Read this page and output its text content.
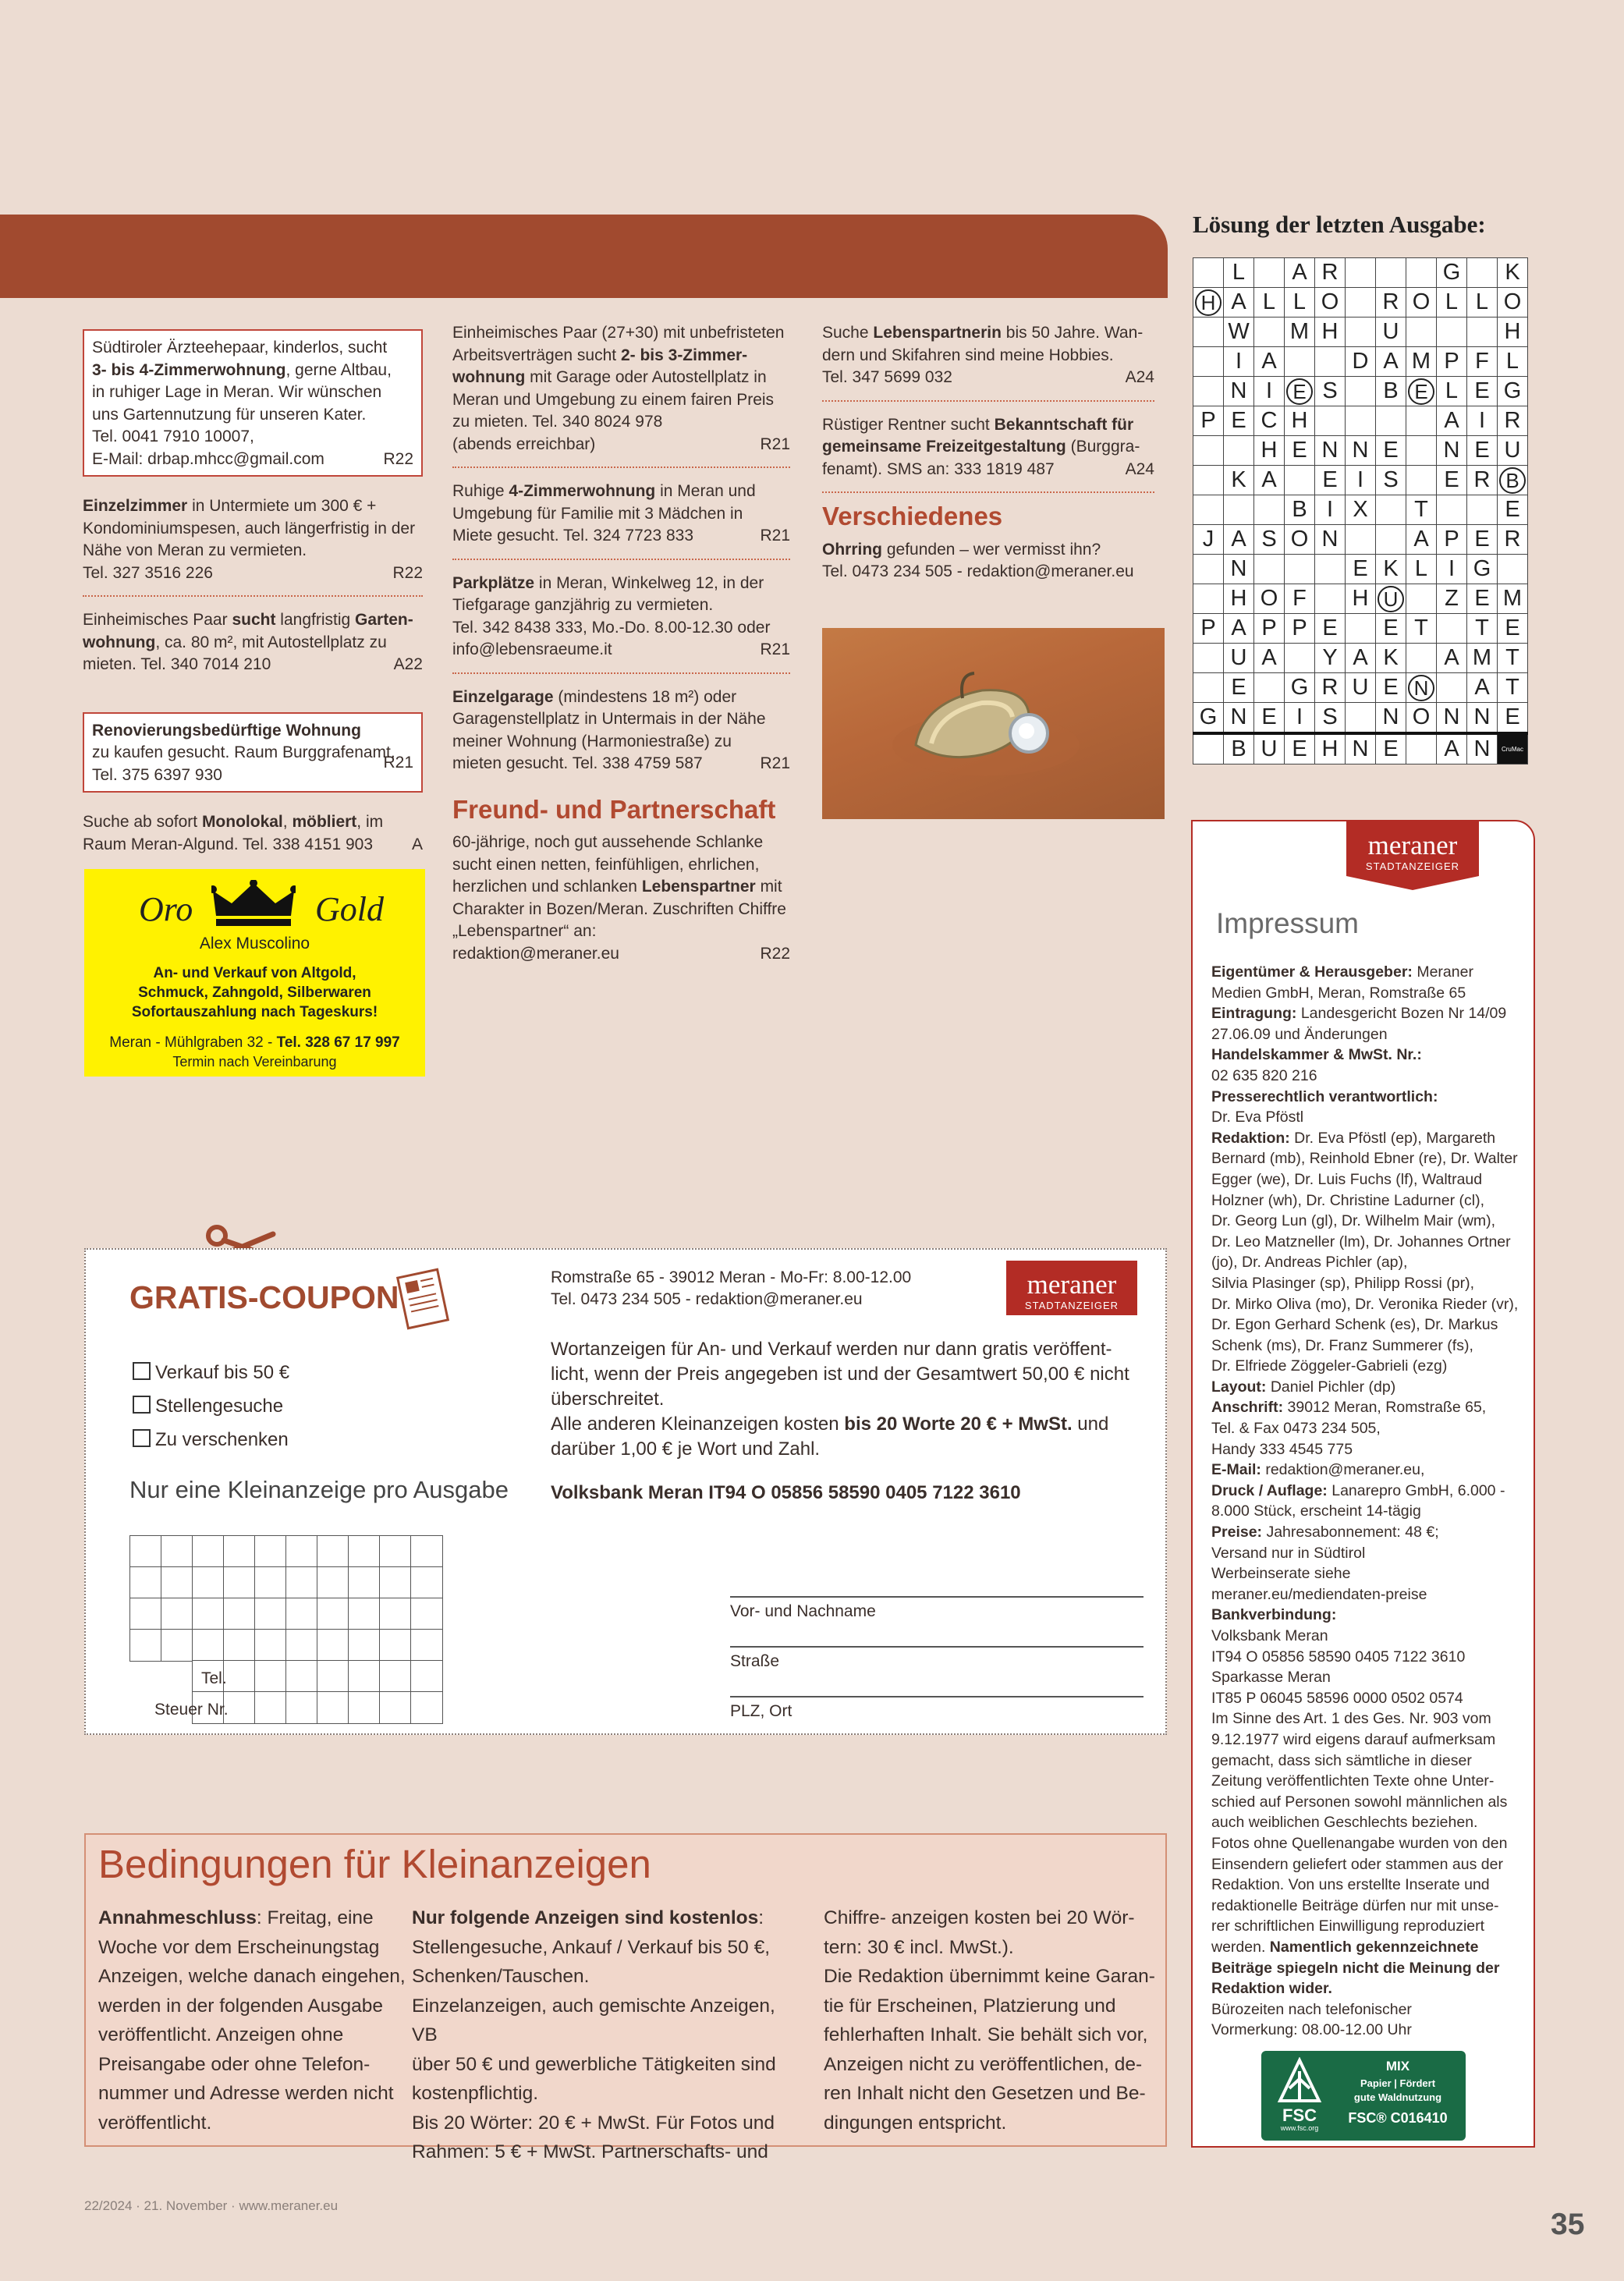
Südtiroler Ärzteehepaar, kinderlos, sucht

3- bis 4-Zimmerwohnung, gerne Altbau,

in ruhiger Lage in Meran. Wir wünschen

uns Gartennutzung für unseren Kater.

Tel. 0041 7910 10007,

E-Mail: drbap.mhcc@gmail.com	R22

Einzelzimmer in Untermiete um 300 € +

Kondominiumspesen, auch längerfristig in der

Nähe von Meran zu vermieten.

Tel. 327 3516 226	R22

Einheimisches Paar sucht langfristig Garten-

wohnung, ca. 80 m², mit Autostellplatz zu

mieten. Tel. 340 7014 210	A22

Renovierungsbedürftige Wohnung

zu kaufen gesucht. Raum Burggrafenamt.

Tel. 375 6397 930

R21

Suche ab sofort Monolokal, möbliert, im

Raum Meran-Algund. Tel. 338 4151 903	A
Oro	Gold
Alex Muscolino
An- und Verkauf von Altgold,
Schmuck, Zahngold, Silberwaren
Sofortauszahlung nach Tageskurs!
Meran - Mühlgraben 32 - Tel. 328 67 17 997
Termin nach Vereinbarung

Einheimisches Paar (27+30) mit unbefristeten

Arbeitsverträgen sucht 2- bis 3-Zimmer-

wohnung mit Garage oder Autostellplatz in

Meran und Umgebung zu einem fairen Preis

zu mieten. Tel. 340 8024 978

(abends erreichbar)	R21

Ruhige 4-Zimmerwohnung in Meran und

Umgebung für Familie mit 3 Mädchen in

Miete gesucht. Tel. 324 7723 833	R21

Parkplätze in Meran, Winkelweg 12, in der

Tiefgarage ganzjährig zu vermieten.

Tel. 342 8438 333, Mo.-Do. 8.00-12.30 oder

info@lebensraeume.it	R21

Einzelgarage (mindestens 18 m²) oder

Garagenstellplatz in Untermais in der Nähe

meiner Wohnung (Harmoniestraße) zu

mieten gesucht. Tel. 338 4759 587	R21
Freund- und Partnerschaft

60-jährige, noch gut aussehende Schlanke

sucht einen netten, feinfühligen, ehrlichen,

herzlichen und schlanken Lebenspartner mit

Charakter in Bozen/Meran. Zuschriften Chiffre

„Lebenspartner“ an:

redaktion@meraner.eu	R22

Suche Lebenspartnerin bis 50 Jahre. Wan-

dern und Skifahren sind meine Hobbies.

Tel. 347 5699 032	A24

Rüstiger Rentner sucht Bekanntschaft für

gemeinsame Freizeitgestaltung (Burggra-

fenamt). SMS an: 333 1819 487	A24
Verschiedenes

Ohrring gefunden – wer vermisst ihn?

Tel. 0473 234 505 - redaktion@meraner.eu

Lösung der letzten Ausgabe:
	L		A	R				G		K
H	A	L	L	O		R	O	L	L	O
	W		M	H		U				H
	I	A			D	A	M	P	F	L
	N	I	E	S		B	E	L	E	G
P	E	C	H					A	I	R
		H	E	N	N	E		N	E	U
	K	A		E	I	S		E	R	B
			B	I	X		T			E
J	A	S	O	N			A	P	E	R
	N				E	K	L	I	G	
	H	O	F		H	U		Z	E	M
P	A	P	P	E		E	T		T	E
	U	A		Y	A	K		A	M	T
	E		G	R	U	E	N		A	T
G	N	E	I	S		N	O	N	N	E
	B	U	E	H	N	E		A	N	CruMac
meraner
STADTANZEIGER
Impressum
Eigentümer & Herausgeber: Meraner
Medien GmbH, Meran, Romstraße 65
Eintragung: Landesgericht Bozen Nr 14/09
27.06.09 und Änderungen
Handelskammer & MwSt. Nr.:
02 635 820 216
Presserechtlich verantwortlich:
Dr. Eva Pföstl
Redaktion: Dr. Eva Pföstl (ep), Margareth
Bernard (mb), Reinhold Ebner (re), Dr. Walter
Egger (we), Dr. Luis Fuchs (lf), Waltraud
Holzner (wh), Dr. Christine Ladurner (cl),
Dr. Georg Lun (gl), Dr. Wilhelm Mair (wm),
Dr. Leo Matzneller (lm), Dr. Johannes Ortner
(jo), Dr. Andreas Pichler (ap),
Silvia Plasinger (sp), Philipp Rossi (pr),
Dr. Mirko Oliva (mo), Dr. Veronika Rieder (vr),
Dr. Egon Gerhard Schenk (es), Dr. Markus
Schenk (ms), Dr. Franz Summerer (fs),
Dr. Elfriede Zöggeler-Gabrieli (ezg)
Layout: Daniel Pichler (dp)
Anschrift: 39012 Meran, Romstraße 65,
Tel. & Fax 0473 234 505,
Handy 333 4545 775
E-Mail: redaktion@meraner.eu,
Druck / Auflage: Lanarepro GmbH, 6.000 -
8.000 Stück, erscheint 14-tägig
Preise: Jahresabonnement: 48 €;
Versand nur in Südtirol
Werbeinserate siehe
meraner.eu/mediendaten-preise
Bankverbindung:
Volksbank Meran
IT94 O 05856 58590 0405 7122 3610
Sparkasse Meran
IT85 P 06045 58596 0000 0502 0574
Im Sinne des Art. 1 des Ges. Nr. 903 vom
9.12.1977 wird eigens darauf aufmerksam
gemacht, dass sich sämtliche in dieser
Zeitung veröffentlichten Texte ohne Unter-
schied auf Personen sowohl männlichen als
auch weiblichen Geschlechts beziehen.
Fotos ohne Quellenangabe wurden von den
Einsendern geliefert oder stammen aus der
Redaktion. Von uns erstellte Inserate und
redaktionelle Beiträge dürfen nur mit unse-
rer schriftlichen Einwilligung reproduziert
werden. Namentlich gekennzeichnete
Beiträge spiegeln nicht die Meinung der
Redaktion wider.
Bürozeiten nach telefonischer
Vormerkung: 08.00-12.00 Uhr
FSC
www.fsc.org
MIX
Papier | Fördert
gute Waldnutzung
FSC® C016410
GRATIS-COUPON
Verkauf bis 50 €
Stellengesuche
Zu verschenken
Nur eine Kleinanzeige pro Ausgabe
Romstraße 65 - 39012 Meran - Mo-Fr: 8.00-12.00
Tel. 0473 234 505 - redaktion@meraner.eu	meraner
STADTANZEIGER
Wortanzeigen für An- und Verkauf werden nur dann gratis veröffent-
licht, wenn der Preis angegeben ist und der Gesamtwert 50,00 € nicht
überschreitet.
Alle anderen Kleinanzeigen kosten bis 20 Worte 20 € + MwSt. und
darüber 1,00 € je Wort und Zahl.
Volksbank Meran IT94 O 05856 58590 0405 7122 3610
Tel.
Steuer Nr.
Vor- und Nachname
Straße
PLZ, Ort
Bedingungen für Kleinanzeigen
Annahmeschluss: Freitag, eine
Woche vor dem Erscheinungstag
Anzeigen, welche danach eingehen,
werden in der folgenden Ausgabe
veröffentlicht. Anzeigen ohne
Preisangabe oder ohne Telefon-
nummer und Adresse werden nicht
veröffentlicht.
Nur folgende Anzeigen sind kostenlos:
Stellengesuche, Ankauf / Verkauf bis 50 €,
Schenken/Tauschen.
Einzelanzeigen, auch gemischte Anzeigen, VB
über 50 € und gewerbliche Tätigkeiten sind
kostenpflichtig.
Bis 20 Wörter: 20 € + MwSt. Für Fotos und
Rahmen: 5 € + MwSt. Partnerschafts- und
Chiffre- anzeigen kosten bei 20 Wör-
tern: 30 € incl. MwSt.).
Die Redaktion übernimmt keine Garan-
tie für Erscheinen, Platzierung und
fehlerhaften Inhalt. Sie behält sich vor,
Anzeigen nicht zu veröffentlichen, de-
ren Inhalt nicht den Gesetzen und Be-
dingungen entspricht.
22/2024 · 21. November · www.meraner.eu
35
